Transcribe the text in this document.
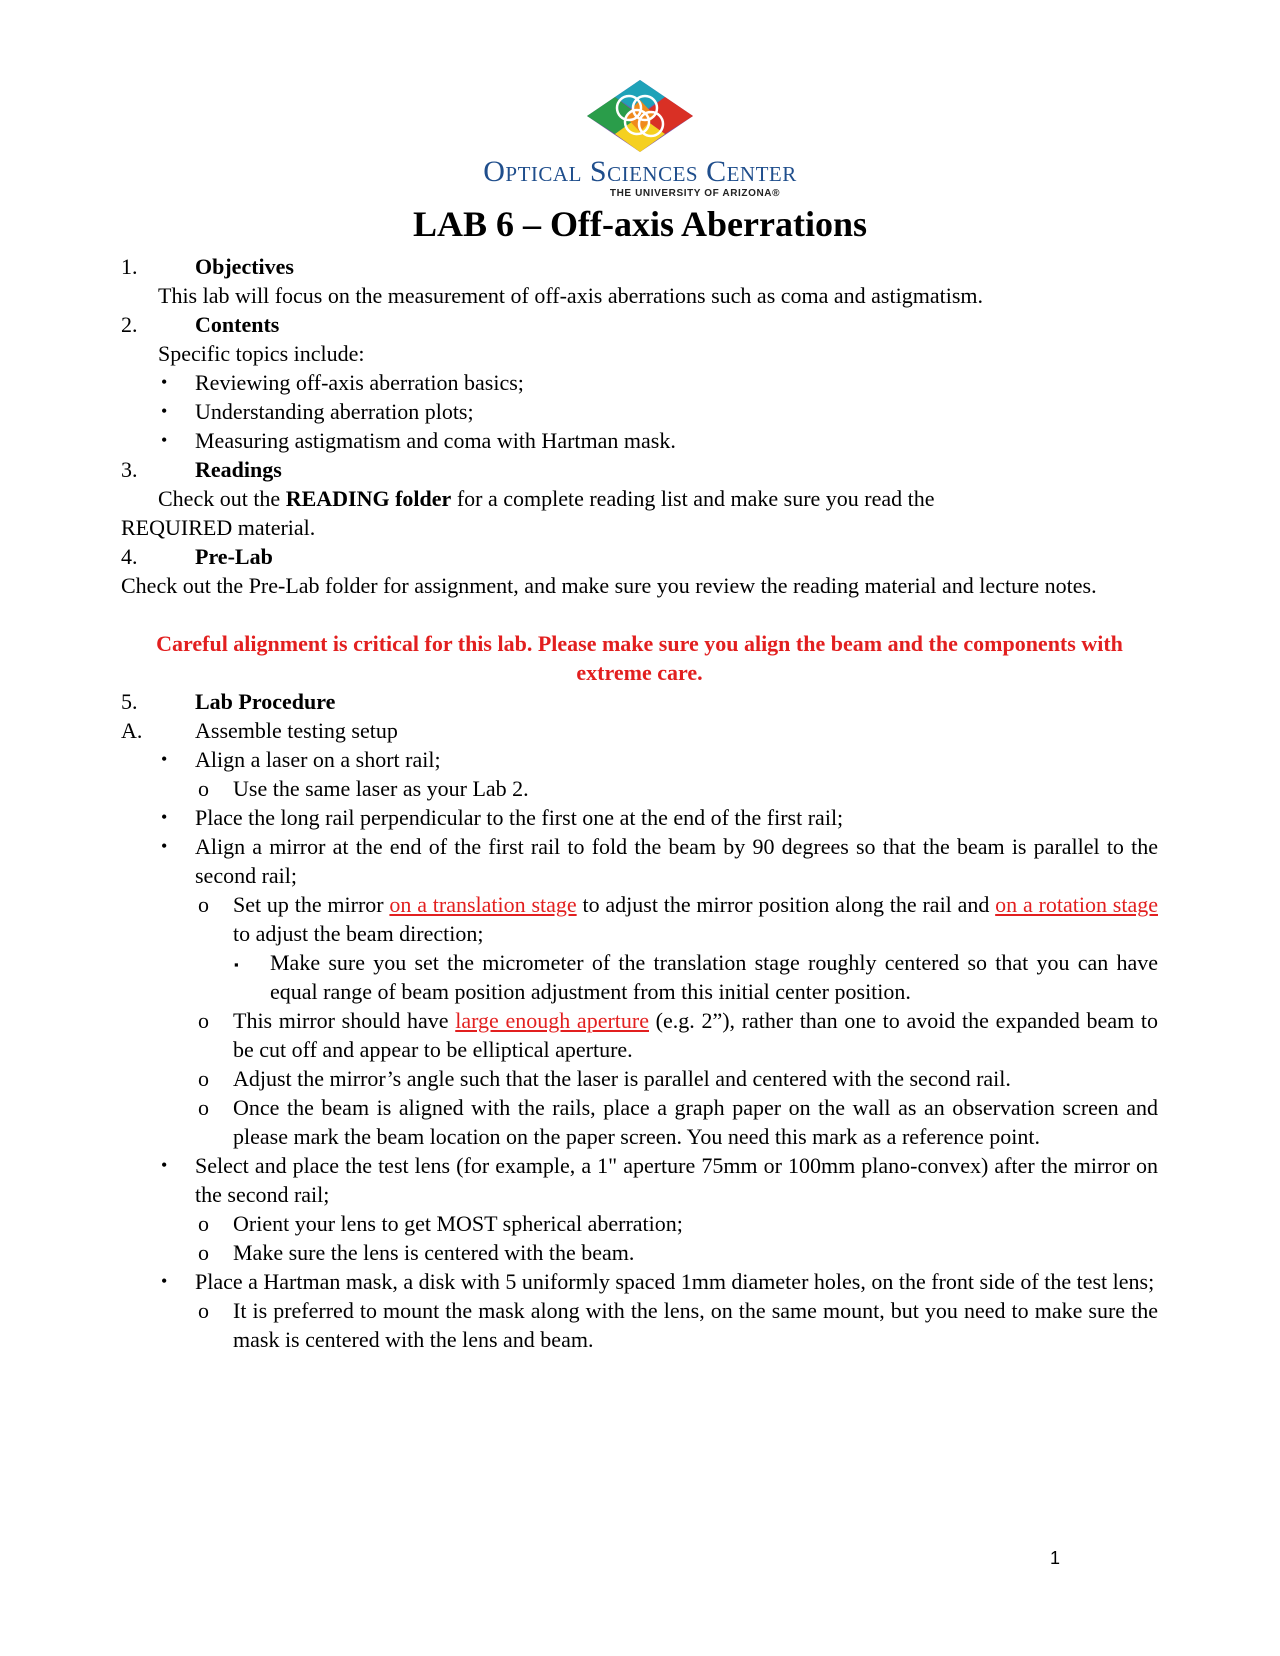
Optical Sciences Center
THE UNIVERSITY OF ARIZONA®
LAB 6 – Off-axis Aberrations
1.	Objectives
This lab will focus on the measurement of off-axis aberrations such as coma and astigmatism.
2.	Contents
Specific topics include:
• Reviewing off-axis aberration basics;
• Understanding aberration plots;
• Measuring astigmatism and coma with Hartman mask.
3.	Readings
Check out the READING folder for a complete reading list and make sure you read the
REQUIRED material.
4.	Pre-Lab
Check out the Pre-Lab folder for assignment, and make sure you review the reading material and lecture notes.
Careful alignment is critical for this lab. Please make sure you align the beam and the components with extreme care.
5.	Lab Procedure
A.	Assemble testing setup
• Align a laser on a short rail;
o Use the same laser as your Lab 2.
• Place the long rail perpendicular to the first one at the end of the first rail;
• Align a mirror at the end of the first rail to fold the beam by 90 degrees so that the beam is parallel to the second rail;
o Set up the mirror on a translation stage to adjust the mirror position along the rail and on a rotation stage to adjust the beam direction;
▪ Make sure you set the micrometer of the translation stage roughly centered so that you can have equal range of beam position adjustment from this initial center position.
o This mirror should have large enough aperture (e.g. 2”), rather than one to avoid the expanded beam to be cut off and appear to be elliptical aperture.
o Adjust the mirror’s angle such that the laser is parallel and centered with the second rail.
o Once the beam is aligned with the rails, place a graph paper on the wall as an observation screen and please mark the beam location on the paper screen. You need this mark as a reference point.
• Select and place the test lens (for example, a 1" aperture 75mm or 100mm plano-convex) after the mirror on the second rail;
o Orient your lens to get MOST spherical aberration;
o Make sure the lens is centered with the beam.
• Place a Hartman mask, a disk with 5 uniformly spaced 1mm diameter holes, on the front side of the test lens;
o It is preferred to mount the mask along with the lens, on the same mount, but you need to make sure the mask is centered with the lens and beam.
1
